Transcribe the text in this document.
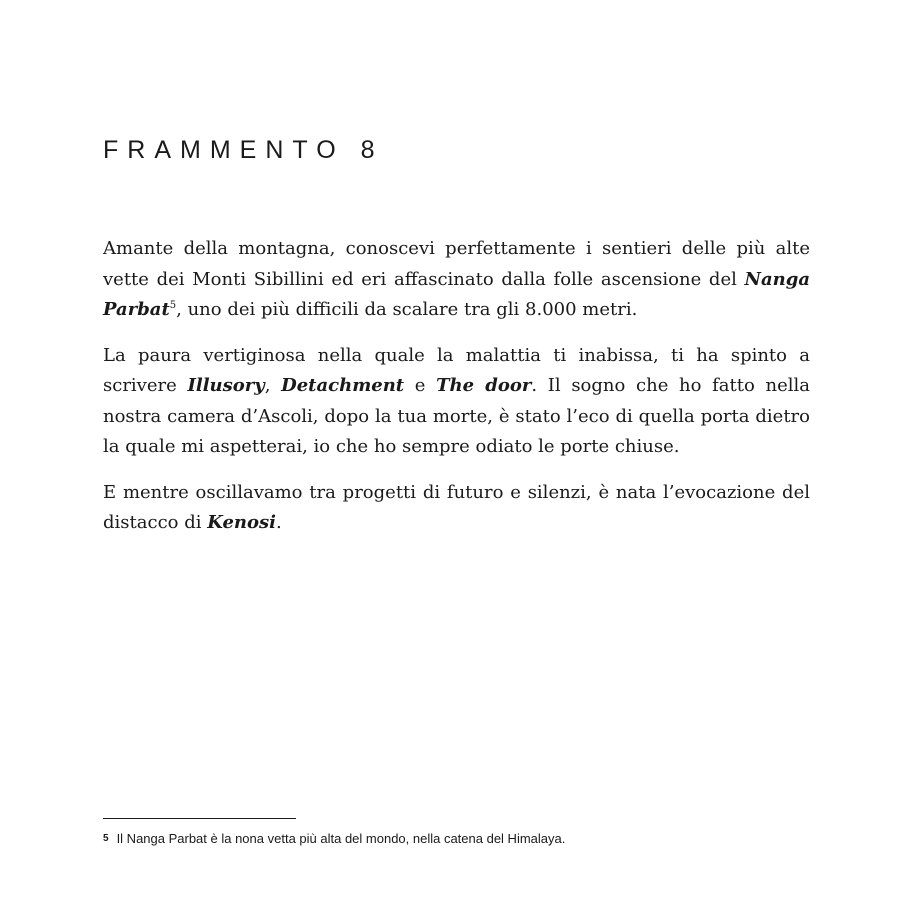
FRAMMENTO 8

Amante della montagna, conoscevi perfettamente i sentieri delle più alte vette dei Monti Sibillini ed eri affascinato dalla folle ascensione del Nanga Parbat$^5$, uno dei più difficili da scalare tra gli 8.000 metri.

La paura vertiginosa nella quale la malattia ti inabissa, ti ha spinto a scrivere Illusory, Detachment e The door. Il sogno che ho fatto nella nostra camera d’Ascoli, dopo la tua morte, è stato l’eco di quella porta dietro la quale mi aspetterai, io che ho sempre odiato le porte chiuse.

E mentre oscillavamo tra progetti di futuro e silenzi, è nata l’evocazione del distacco di Kenosi.

$^5$ Il Nanga Parbat è la nona vetta più alta del mondo, nella catena del Himalaya.
